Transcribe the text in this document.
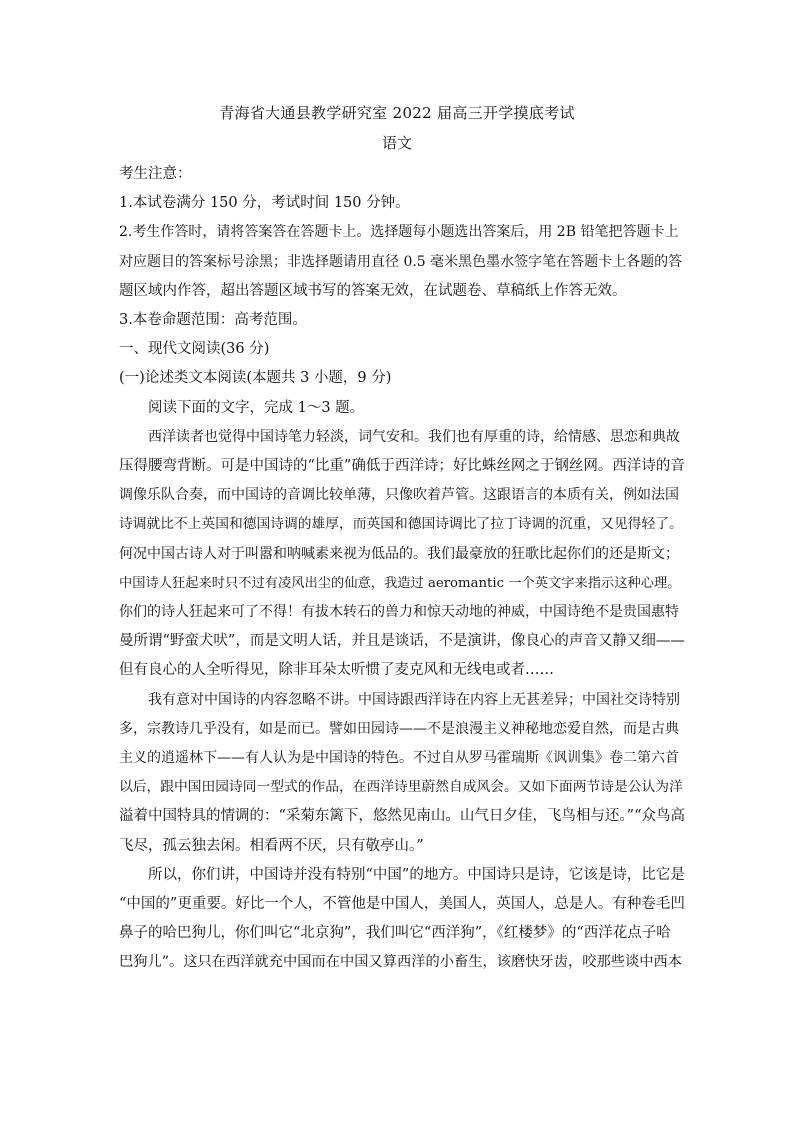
青海省大通县教学研究室 2022 届高三开学摸底考试
语文
考生注意：
1.本试卷满分 150 分，考试时间 150 分钟。
2.考生作答时，请将答案答在答题卡上。选择题每小题选出答案后，用 2B 铅笔把答题卡上
对应题目的答案标号涂黑；非选择题请用直径 0.5 毫米黑色墨水签字笔在答题卡上各题的答
题区域内作答，超出答题区域书写的答案无效，在试题卷、草稿纸上作答无效。
3.本卷命题范围：高考范围。
一、现代文阅读(36 分)
(一)论述类文本阅读(本题共 3 小题，9 分)
阅读下面的文字，完成 1～3 题。
西洋读者也觉得中国诗笔力轻淡，词气安和。我们也有厚重的诗，给情感、思恋和典故
压得腰弯背断。可是中国诗的“比重”确低于西洋诗；好比蛛丝网之于钢丝网。西洋诗的音
调像乐队合奏，而中国诗的音调比较单薄，只像吹着芦管。这跟语言的本质有关，例如法国
诗调就比不上英国和德国诗调的雄厚，而英国和德国诗调比了拉丁诗调的沉重，又见得轻了。
何况中国古诗人对于叫嚣和呐喊素来视为低品的。我们最豪放的狂歌比起你们的还是斯文；
中国诗人狂起来时只不过有凌风出尘的仙意，我造过 aeromantic 一个英文字来指示这种心理。
你们的诗人狂起来可了不得！有拔木转石的兽力和惊天动地的神威，中国诗绝不是贵国惠特
曼所谓“野蛮犬吠”，而是文明人话，并且是谈话，不是演讲，像良心的声音又静又细——
但有良心的人全听得见，除非耳朵太听惯了麦克风和无线电或者……
我有意对中国诗的内容忽略不讲。中国诗跟西洋诗在内容上无甚差异；中国社交诗特别
多，宗教诗几乎没有，如是而已。譬如田园诗——不是浪漫主义神秘地恋爱自然，而是古典
主义的逍遥林下——有人认为是中国诗的特色。不过自从罗马霍瑞斯《讽训集》卷二第六首
以后，跟中国田园诗同一型式的作品，在西洋诗里蔚然自成风会。又如下面两节诗是公认为洋
溢着中国特具的情调的：“采菊东篱下，悠然见南山。山气日夕佳，飞鸟相与还。”“众鸟高
飞尽，孤云独去闲。相看两不厌，只有敬亭山。”
所以，你们讲，中国诗并没有特别“中国”的地方。中国诗只是诗，它该是诗，比它是
“中国的”更重要。好比一个人，不管他是中国人，美国人，英国人，总是人。有种卷毛凹
鼻子的哈巴狗儿，你们叫它“北京狗”，我们叫它“西洋狗”，《红楼梦》的“西洋花点子哈
巴狗儿”。这只在西洋就充中国而在中国又算西洋的小畜生，该磨快牙齿，咬那些谈中西本
